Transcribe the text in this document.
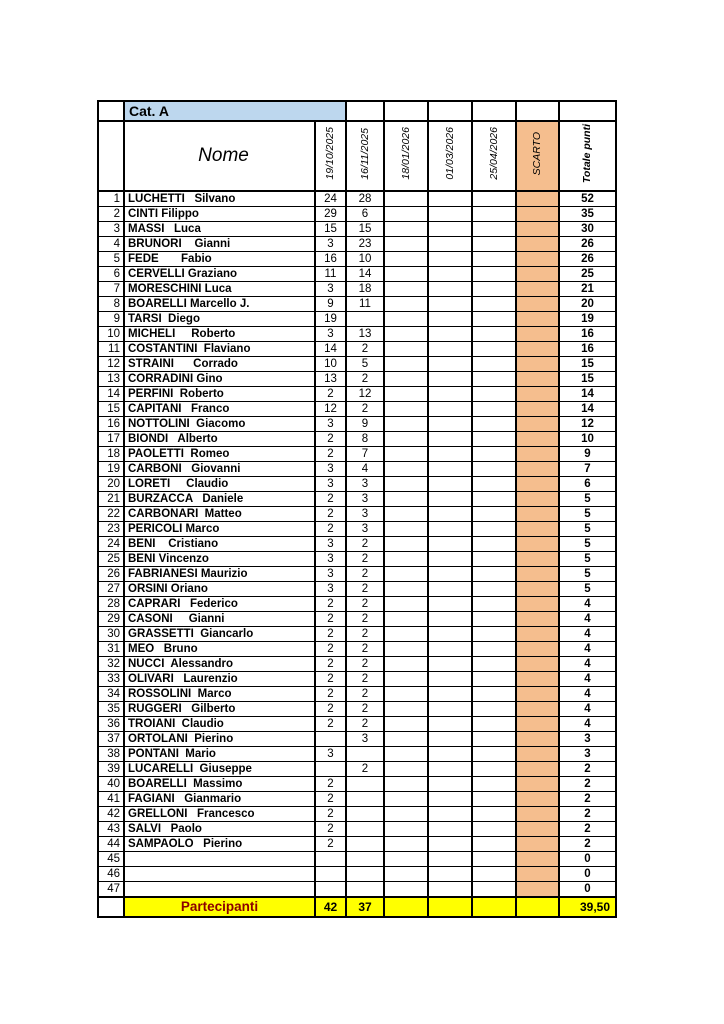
	Cat. A							
	Nome	19/10/2025	16/11/2025	18/01/2026	01/03/2026	25/04/2026	SCARTO	Totale punti
1	LUCHETTI   Silvano	24	28					52
2	CINTI Filippo	29	6					35
3	MASSI   Luca	15	15					30
4	BRUNORI    Gianni	3	23					26
5	FEDE       Fabio	16	10					26
6	CERVELLI Graziano	11	14					25
7	MORESCHINI Luca	3	18					21
8	BOARELLI Marcello J.	9	11					20
9	TARSI  Diego	19						19
10	MICHELI     Roberto	3	13					16
11	COSTANTINI  Flaviano	14	2					16
12	STRAINI      Corrado	10	5					15
13	CORRADINI Gino	13	2					15
14	PERFINI  Roberto	2	12					14
15	CAPITANI   Franco	12	2					14
16	NOTTOLINI  Giacomo	3	9					12
17	BIONDI   Alberto	2	8					10
18	PAOLETTI  Romeo	2	7					9
19	CARBONI   Giovanni	3	4					7
20	LORETI     Claudio	3	3					6
21	BURZACCA   Daniele	2	3					5
22	CARBONARI  Matteo	2	3					5
23	PERICOLI Marco	2	3					5
24	BENI    Cristiano	3	2					5
25	BENI Vincenzo	3	2					5
26	FABRIANESI Maurizio	3	2					5
27	ORSINI Oriano	3	2					5
28	CAPRARI   Federico	2	2					4
29	CASONI     Gianni	2	2					4
30	GRASSETTI  Giancarlo	2	2					4
31	MEO   Bruno	2	2					4
32	NUCCI  Alessandro	2	2					4
33	OLIVARI   Laurenzio	2	2					4
34	ROSSOLINI  Marco	2	2					4
35	RUGGERI   Gilberto	2	2					4
36	TROIANI  Claudio	2	2					4
37	ORTOLANI  Pierino		3					3
38	PONTANI  Mario	3						3
39	LUCARELLI  Giuseppe		2					2
40	BOARELLI  Massimo	2						2
41	FAGIANI   Gianmario	2						2
42	GRELLONI   Francesco	2						2
43	SALVI   Paolo	2						2
44	SAMPAOLO   Pierino	2						2
45								0
46								0
47								0
	Partecipanti	42	37					39,50
